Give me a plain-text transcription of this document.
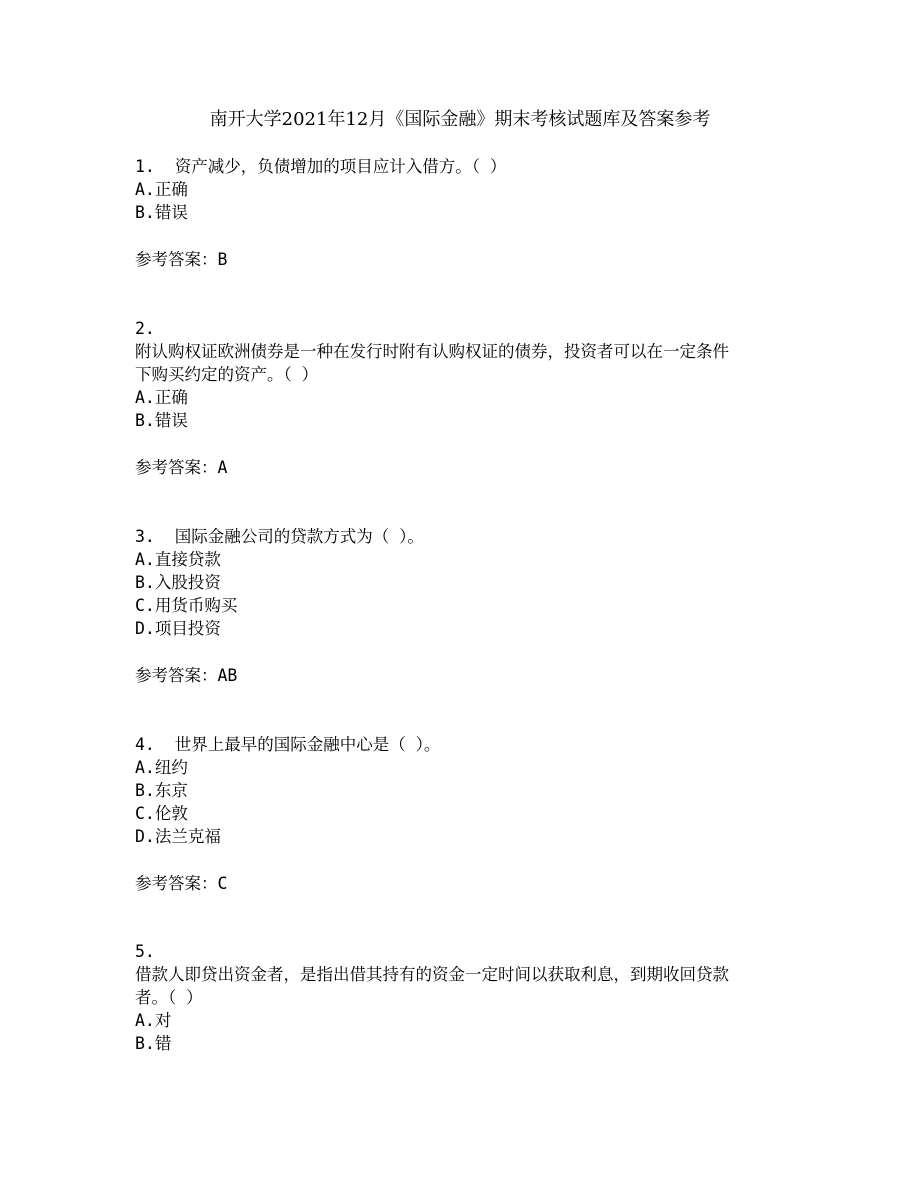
南开大学2021年12月《国际金融》期末考核试题库及答案参考
1. 资产减少，负债增加的项目应计入借方。（ ）
A.正确
B.错误
参考答案：B
2.
附认购权证欧洲债券是一种在发行时附有认购权证的债券，投资者可以在一定条件
下购买约定的资产。（ ）
A.正确
B.错误
参考答案：A
3. 国际金融公司的贷款方式为（ ）。
A.直接贷款
B.入股投资
C.用货币购买
D.项目投资
参考答案：AB
4. 世界上最早的国际金融中心是（ ）。
A.纽约
B.东京
C.伦敦
D.法兰克福
参考答案：C
5.
借款人即贷出资金者，是指出借其持有的资金一定时间以获取利息，到期收回贷款
者。（ ）
A.对
B.错
